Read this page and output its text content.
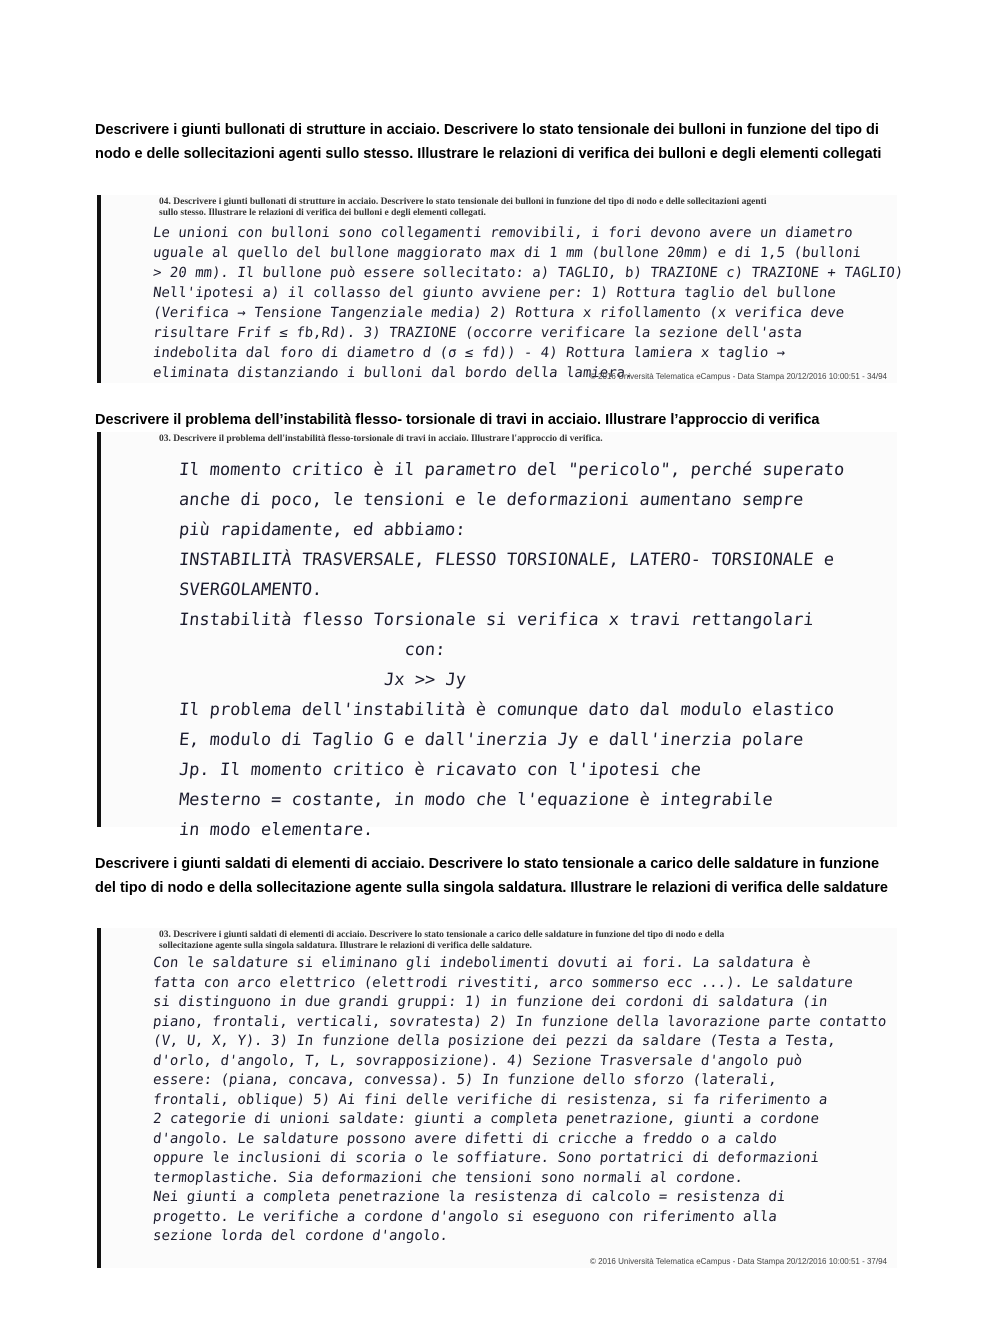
Descrivere i giunti bullonati di strutture in acciaio. Descrivere lo stato tensionale dei bulloni in funzione del tipo di nodo e delle sollecitazioni agenti sullo stesso. Illustrare le relazioni di verifica dei bulloni e degli elementi collegati

04. Descrivere i giunti bullonati di strutture in acciaio. Descrivere lo stato tensionale dei bulloni in funzione del tipo di nodo e delle sollecitazioni agenti sullo stesso. Illustrare le relazioni di verifica dei bulloni e degli elementi collegati.

Le unioni con bulloni sono collegamenti removibili, i fori devono avere un diametro
uguale al quello del bullone maggiorato max di 1 mm (bullone 20mm) e di 1,5 (bulloni
> 20 mm). Il bullone può essere sollecitato: a) TAGLIO, b) TRAZIONE c) TRAZIONE + TAGLIO)
Nell'ipotesi a) il collasso del giunto avviene per: 1) Rottura taglio del bullone
(Verifica → Tensione Tangenziale media) 2) Rottura x rifollamento (x verifica deve
risultare Frif ≤ fb,Rd). 3) TRAZIONE (occorre verificare la sezione dell'asta
indebolita dal foro di diametro d (σ ≤ fd)) - 4) Rottura lamiera x taglio →
eliminata distanziando i bulloni dal bordo della lamiera.
© 2016 Università Telematica eCampus - Data Stampa 20/12/2016 10:00:51 - 34/94

Descrivere il problema dell’instabilità flesso- torsionale di travi in acciaio. Illustrare l’approccio di verifica

03. Descrivere il problema dell'instabilità flesso-torsionale di travi in acciaio. Illustrare l'approccio di verifica.

Il momento critico è il parametro del "pericolo", perché superato
anche di poco, le tensioni e le deformazioni aumentano sempre
più rapidamente, ed abbiamo:
INSTABILITÀ TRASVERSALE, FLESSO TORSIONALE, LATERO- TORSIONALE e
SVERGOLAMENTO.
Instabilità flesso Torsionale si verifica x travi rettangolari
con:
Jx >> Jy
Il problema dell'instabilità è comunque dato dal modulo elastico
E, modulo di Taglio G e dall'inerzia Jy e dall'inerzia polare
Jp. Il momento critico è ricavato con l'ipotesi che
Mesterno = costante, in modo che l'equazione è integrabile
in modo elementare.

Descrivere i giunti saldati di elementi di acciaio. Descrivere lo stato tensionale a carico delle saldature in funzione del tipo di nodo e della sollecitazione agente sulla singola saldatura. Illustrare le relazioni di verifica delle saldature

03. Descrivere i giunti saldati di elementi di acciaio. Descrivere lo stato tensionale a carico delle saldature in funzione del tipo di nodo e della sollecitazione agente sulla singola saldatura. Illustrare le relazioni di verifica delle saldature.

Con le saldature si eliminano gli indebolimenti dovuti ai fori. La saldatura è
fatta con arco elettrico (elettrodi rivestiti, arco sommerso ecc ...). Le saldature
si distinguono in due grandi gruppi: 1) in funzione dei cordoni di saldatura (in
piano, frontali, verticali, sovratesta) 2) In funzione della lavorazione parte contatto
(V, U, X, Y). 3) In funzione della posizione dei pezzi da saldare (Testa a Testa,
d'orlo, d'angolo, T, L, sovrapposizione). 4) Sezione Trasversale d'angolo può
essere: (piana, concava, convessa). 5) In funzione dello sforzo (laterali,
frontali, oblique) 5) Ai fini delle verifiche di resistenza, si fa riferimento a
2 categorie di unioni saldate: giunti a completa penetrazione, giunti a cordone
d'angolo. Le saldature possono avere difetti di cricche a freddo o a caldo
oppure le inclusioni di scoria o le soffiature. Sono portatrici di deformazioni
termoplastiche. Sia deformazioni che tensioni sono normali al cordone.
Nei giunti a completa penetrazione la resistenza di calcolo = resistenza di
progetto. Le verifiche a cordone d'angolo si eseguono con riferimento alla
sezione lorda del cordone d'angolo.
© 2016 Università Telematica eCampus - Data Stampa 20/12/2016 10:00:51 - 37/94
